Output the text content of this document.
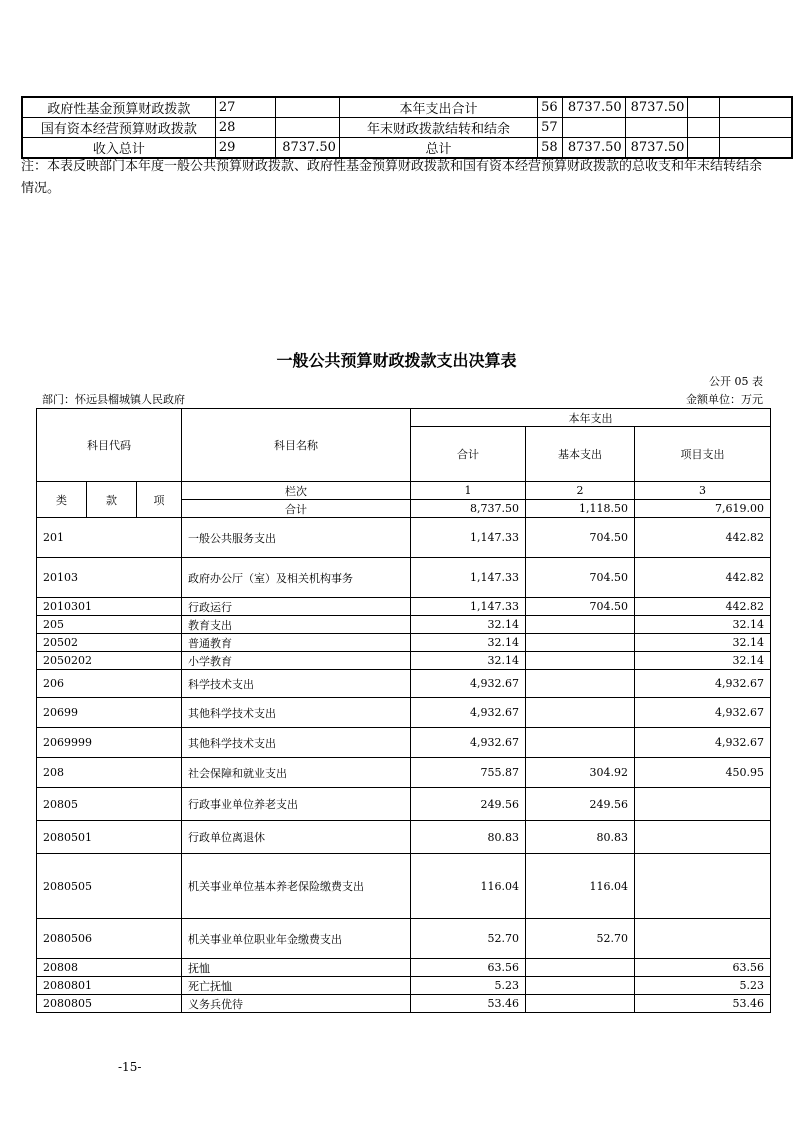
政府性基金预算财政拨款	27		本年支出合计	56	8737.50	8737.50		
国有资本经营预算财政拨款	28		年末财政拨款结转和结余	57				
收入总计	29	8737.50	总计	58	8737.50	8737.50		

注：本表反映部门本年度一般公共预算财政拨款、政府性基金预算财政拨款和国有资本经营预算财政拨款的总收支和年末结转结余情况。

一般公共预算财政拨款支出决算表
公开 05 表
部门：怀远县榴城镇人民政府	金额单位：万元
科目代码			科目名称	本年支出		
				合计	基本支出	项目支出
类	款	项	栏次	1	2	3
			合计	8,737.50	1,118.50	7,619.00
201			一般公共服务支出	1,147.33	704.50	442.82
20103			政府办公厅（室）及相关机构事务	1,147.33	704.50	442.82
2010301			行政运行	1,147.33	704.50	442.82
205			教育支出	32.14		32.14
20502			普通教育	32.14		32.14
2050202			小学教育	32.14		32.14
206			科学技术支出	4,932.67		4,932.67
20699			其他科学技术支出	4,932.67		4,932.67
2069999			其他科学技术支出	4,932.67		4,932.67
208			社会保障和就业支出	755.87	304.92	450.95
20805			行政事业单位养老支出	249.56	249.56	
2080501			行政单位离退休	80.83	80.83	
2080505			机关事业单位基本养老保险缴费支出	116.04	116.04	
2080506			机关事业单位职业年金缴费支出	52.70	52.70	
20808			抚恤	63.56		63.56
2080801			死亡抚恤	5.23		5.23
2080805			义务兵优待	53.46		53.46
-15-
